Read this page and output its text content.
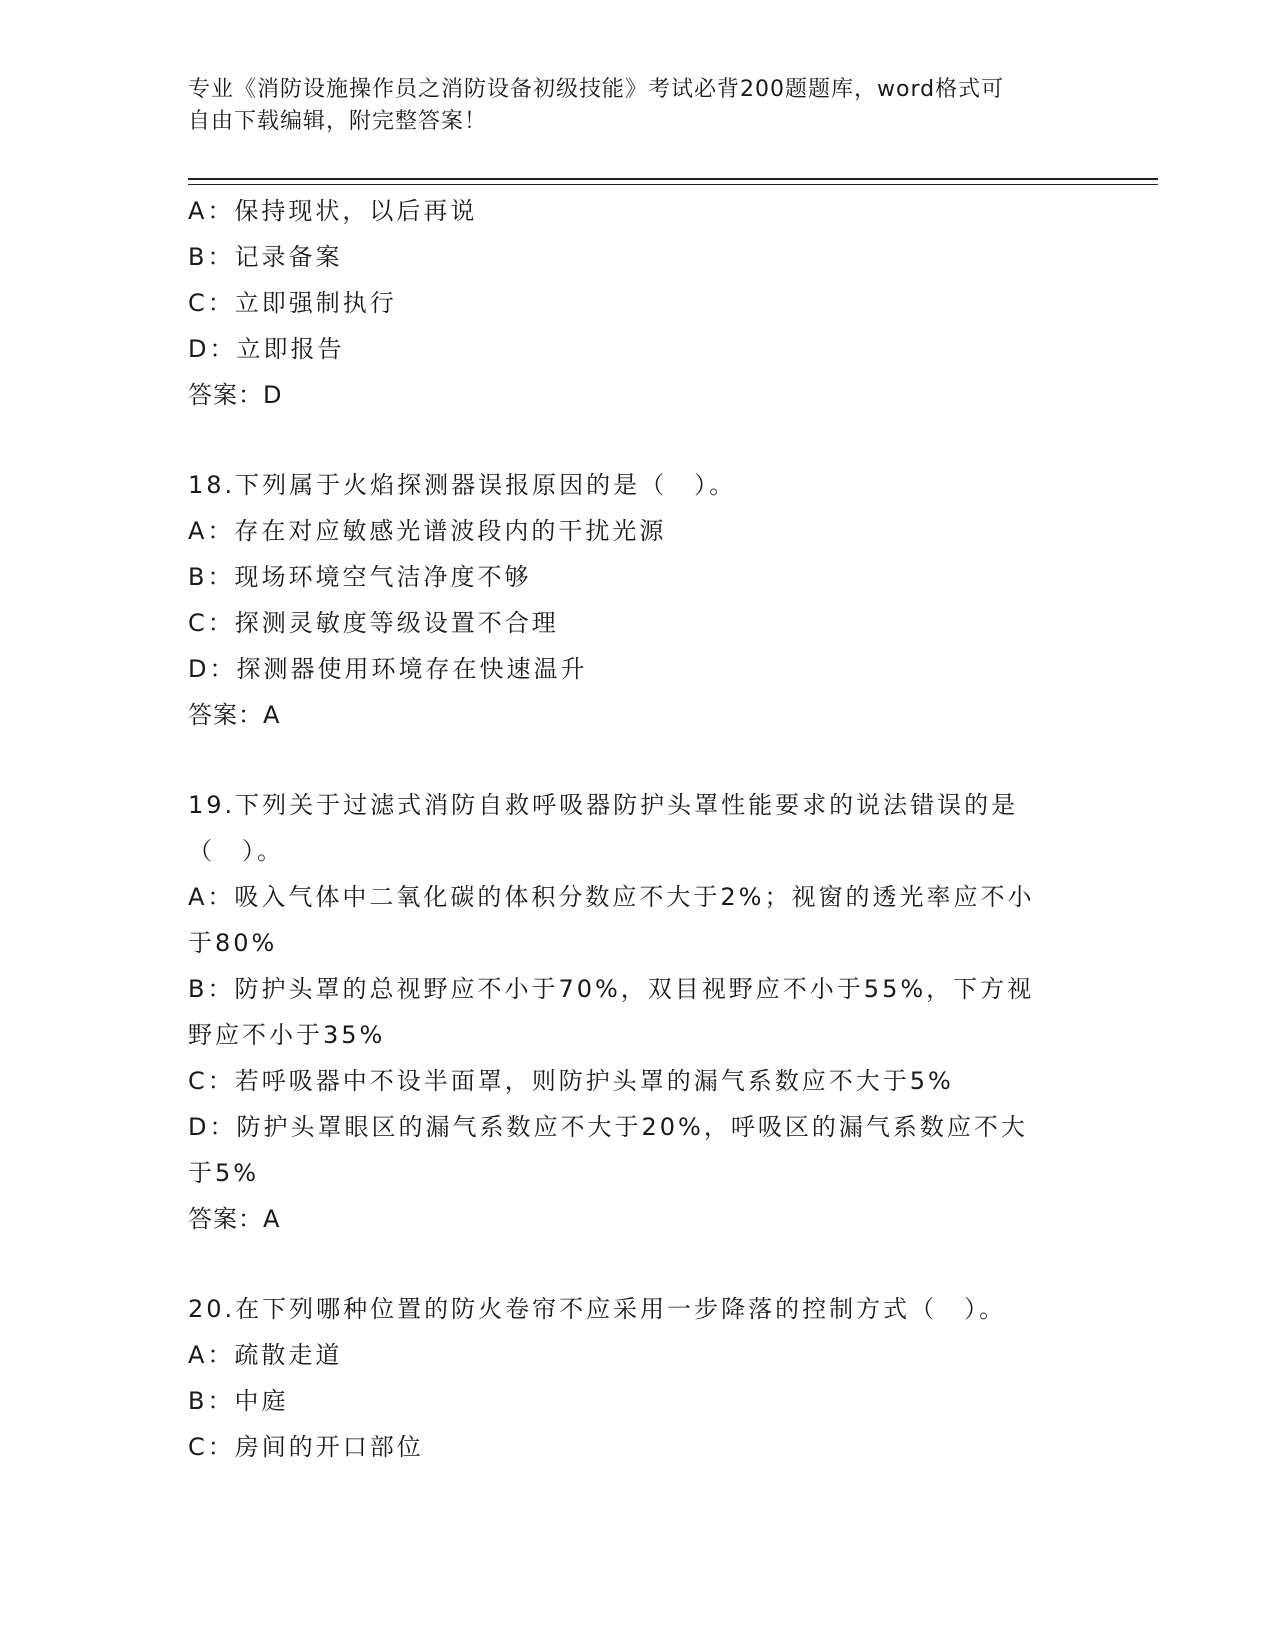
专业《消防设施操作员之消防设备初级技能》考试必背200题题库，word格式可
自由下载编辑，附完整答案！
A：保持现状，以后再说
B：记录备案
C：立即强制执行
D：立即报告
答案：D
18.下列属于火焰探测器误报原因的是（　）。
A：存在对应敏感光谱波段内的干扰光源
B：现场环境空气洁净度不够
C：探测灵敏度等级设置不合理
D：探测器使用环境存在快速温升
答案：A
19.下列关于过滤式消防自救呼吸器防护头罩性能要求的说法错误的是
（　）。
A：吸入气体中二氧化碳的体积分数应不大于2%；视窗的透光率应不小
于80%
B：防护头罩的总视野应不小于70%，双目视野应不小于55%，下方视
野应不小于35%
C：若呼吸器中不设半面罩，则防护头罩的漏气系数应不大于5%
D：防护头罩眼区的漏气系数应不大于20%，呼吸区的漏气系数应不大
于5%
答案：A
20.在下列哪种位置的防火卷帘不应采用一步降落的控制方式（　）。
A：疏散走道
B：中庭
C：房间的开口部位
